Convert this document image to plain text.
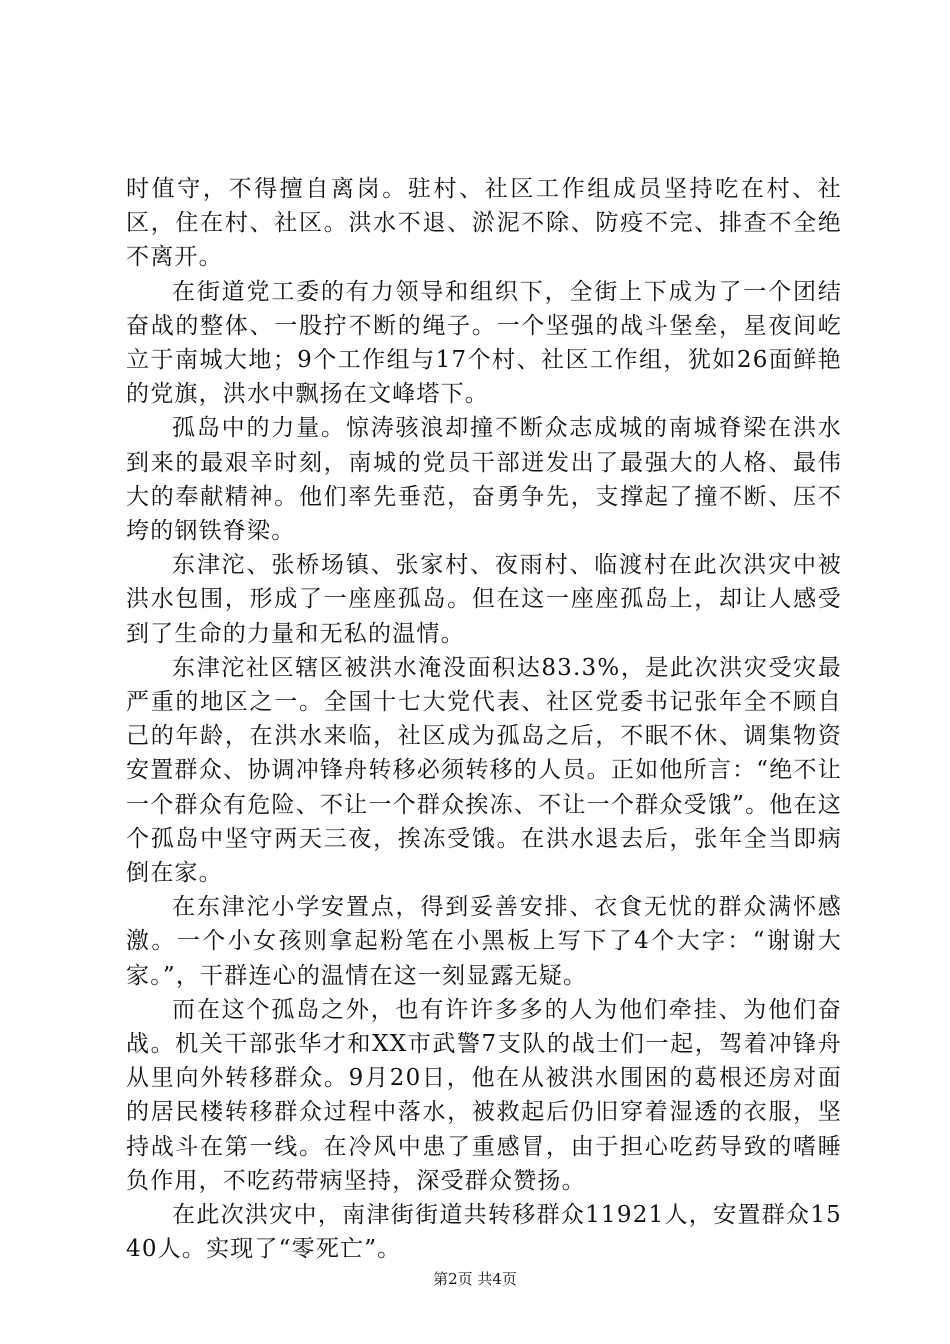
时值守，不得擅自离岗。驻村、社区工作组成员坚持吃在村、社区，住在村、社区。洪水不退、淤泥不除、防疫不完、排查不全绝不离开。

在街道党工委的有力领导和组织下，全街上下成为了一个团结奋战的整体、一股拧不断的绳子。一个坚强的战斗堡垒，星夜间屹立于南城大地；9个工作组与17个村、社区工作组，犹如26面鲜艳的党旗，洪水中飘扬在文峰塔下。

孤岛中的力量。惊涛骇浪却撞不断众志成城的南城脊梁在洪水到来的最艰辛时刻，南城的党员干部迸发出了最强大的人格、最伟大的奉献精神。他们率先垂范，奋勇争先，支撑起了撞不断、压不垮的钢铁脊梁。

东津沱、张桥场镇、张家村、夜雨村、临渡村在此次洪灾中被洪水包围，形成了一座座孤岛。但在这一座座孤岛上，却让人感受到了生命的力量和无私的温情。

东津沱社区辖区被洪水淹没面积达83.3%，是此次洪灾受灾最严重的地区之一。全国十七大党代表、社区党委书记张年全不顾自己的年龄，在洪水来临，社区成为孤岛之后，不眠不休、调集物资安置群众、协调冲锋舟转移必须转移的人员。正如他所言：“绝不让一个群众有危险、不让一个群众挨冻、不让一个群众受饿”。他在这个孤岛中坚守两天三夜，挨冻受饿。在洪水退去后，张年全当即病倒在家。

在东津沱小学安置点，得到妥善安排、衣食无忧的群众满怀感激。一个小女孩则拿起粉笔在小黑板上写下了4个大字：“谢谢大家。”，干群连心的温情在这一刻显露无疑。

而在这个孤岛之外，也有许许多多的人为他们牵挂、为他们奋战。机关干部张华才和XX市武警7支队的战士们一起，驾着冲锋舟从里向外转移群众。9月20日，他在从被洪水围困的葛根还房对面的居民楼转移群众过程中落水，被救起后仍旧穿着湿透的衣服，坚持战斗在第一线。在冷风中患了重感冒，由于担心吃药导致的嗜睡负作用，不吃药带病坚持，深受群众赞扬。

在此次洪灾中，南津街街道共转移群众11921人，安置群众1540人。实现了“零死亡”。

第2页 共4页
